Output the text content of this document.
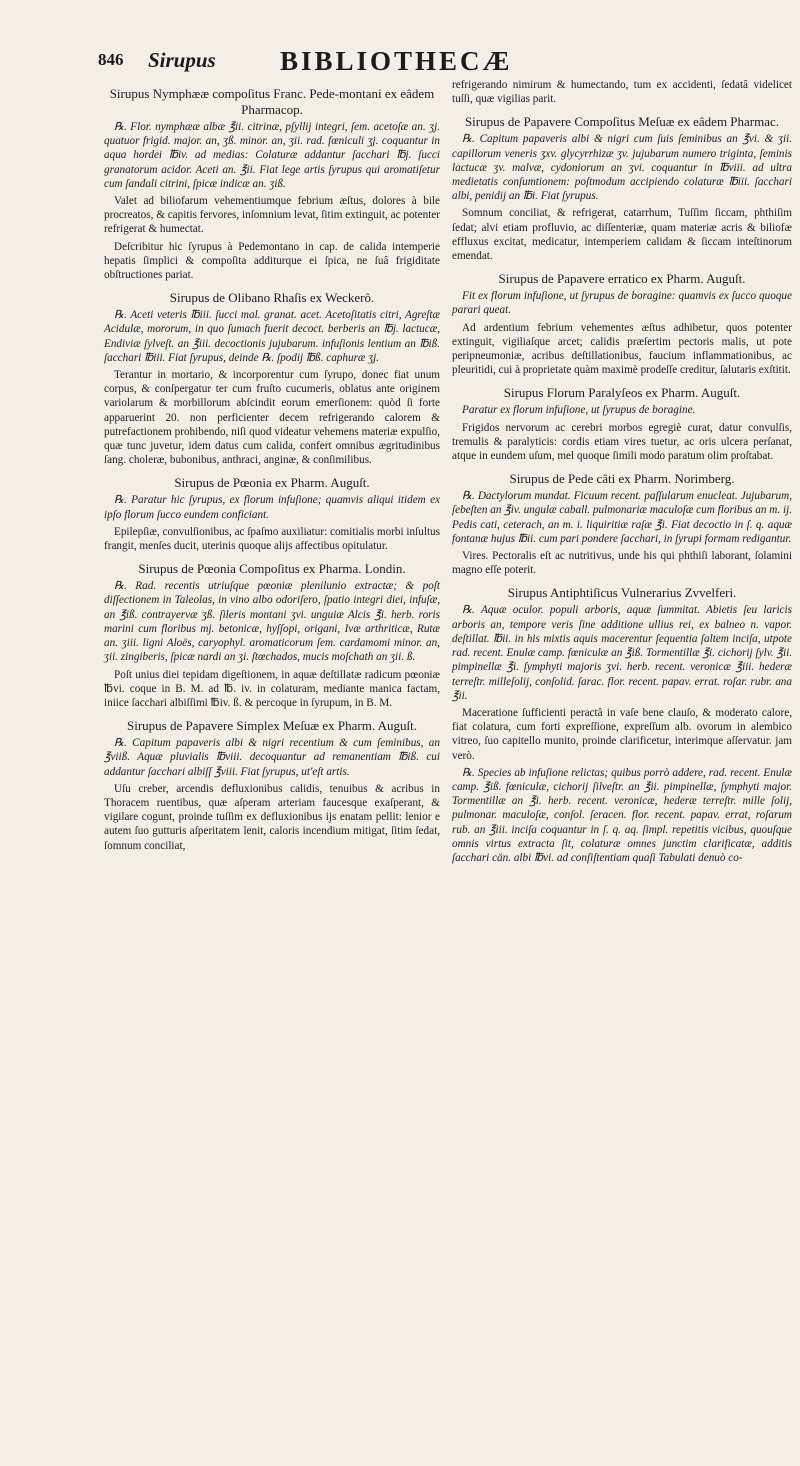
846 Sirupus BIBLIOTHECÆ

Sirupus Nymphææ compoſitus Franc. Pede-montani ex eâdem Pharmacop.

℞. Flor. nymphææ albæ ℥ii. citrinæ, pſyllij integri, ſem. acetoſæ an. ʒj. quatuor frigid. major. an, ʒß. minor. an, ʒii. rad. fœniculi ʒj. coquantur in aqua hordei ℔iv. ad medias: Colaturæ addantur ſacchari ℔j. ſucci granatorum acidor. Aceti an. ℥ii. Fiat lege artis ſyrupus qui aromatiſetur cum ſandali citrini, ſpicæ indicæ an. ʒiß.

Valet ad biliofarum vehementiumque febrium æſtus, dolores à bile procreatos, & capitis fervores, inſomnium levat, ſitim extinguit, ac potenter refrigerat & humectat.

Deſcribitur hic ſyrupus à Pedemontano in cap. de calida intemperie hepatis ſimplici & compoſita additurque ei ſpica, ne ſuâ frigiditate obſtructiones pariat.

Sirupus de Olibano Rhaſis ex Weckerô.

℞. Aceti veteris ℔iii. ſucci mal. granat. acet. Acetoſitatis citri, Agreſtæ Acidulæ, mororum, in quo ſumach fuerit decoct. berberis an ℔j. lactucæ, Endiviæ ſylveſt. an ℥iii. decoctionis jujubarum. infuſionis lentium an ℔iß. ſacchari ℔iii. Fiat ſyrupus, deinde ℞. ſpodij ℔ß. caphuræ ʒj.

Terantur in mortario, & incorporentur cum ſyrupo, donec fiat unum corpus, & conſpergatur ter cum fruſto cucumeris, oblatus ante originem variolarum & morbillorum abſcindit eorum emerſionem: quòd ſi forte apparuerint 20. non perficienter decem refrigerando calorem & putrefactionem prohibendo, niſi quod videatur vehemens materiæ expulſio, quæ tunc juvetur, idem datus cum calida, confert omnibus ægritudinibus ſang. choleræ, bubonibus, anthraci, anginæ, & conſimilibus.

Sirupus de Pœonia ex Pharm. Auguſt.

℞. Paratur hic ſyrupus, ex florum infuſione; quamvis aliqui itidem ex ipſo florum ſucco eundem conficiant.

Epilepſiæ, convulſionibus, ac ſpaſmo auxiliatur: comitialis morbi inſultus frangit, menſes ducit, uterinis quoque alijs affectibus opitulatur.

Sirupus de Pœonia Compoſitus ex Pharma. Londin.

℞. Rad. recentis utriuſque pœoniæ plenilunio extractæ; & poſt diſſectionem in Taleolas, in vino albo odoriſero, ſpatio integri diei, infuſæ, an ℥iß. contrayervæ ʒß. ſileris montani ʒvi. unguiæ Alcis ℥i. herb. roris marini cum floribus mj. betonicæ, hyſſopi, origani, Ivæ arthriticæ, Rutæ an. ʒiii. ligni Aloës, caryophyl. aromaticorum ſem. cardamomi minor. an, ʒii. zingiberis, ſpicæ nardi an ʒi. ſtœchados, mucis moſchath an ʒii. ß.

Poſt unius diei tepidam digeſtionem, in aquæ deſtillatæ radicum pœoniæ ℔vi. coque in B. M. ad ℔. iv. in colaturam, mediante manica factam, iniice ſacchari albiſſimi ℔iv. ß. & percoque in ſyrupum, in B. M.

Sirupus de Papavere Simplex Meſuæ ex Pharm. Auguſt.

℞. Capitum papaveris albi & nigri recentium & cum ſeminibus, an ℥viiß. Aquæ pluvialis ℔viii. decoquantur ad remanentiam ℔iß. cui addantur ſacchari albiſſ ℥viii. Fiat ſyrupus, ut'eſt artis.

Uſu creber, arcendis defluxionibus calidis, tenuibus & acribus in Thoracem ruentibus, quæ aſperam arteriam faucesque exaſperant, & vigilare cogunt, proinde tuſſim ex defluxionibus ijs enatam pellit: lenior e autem ſuo gutturis aſperitatem lenit, caloris incendium mitigat, ſitim ſedat, ſomnum conciliat,

refrigerando nimirum & humectando, tum ex accidenti, ſedatâ videlicet tuſſi, quæ vigilias parit.

Sirupus de Papavere Compoſitus Meſuæ ex eâdem Pharmac.

℞. Capitum papaveris albi & nigri cum ſuis ſeminibus an ℥vi. & ʒii. capillorum veneris ʒxv. glycyrrhizæ ʒv. jujubarum numero triginta, ſeminis lactucæ ʒv. malvæ, cydoniorum an ʒvi. coquantur in ℔viii. ad ultra medietatis conſumtionem: poſtmodum accipiendo colaturæ ℔iii. ſacchari albi, penidij an ℔i. Fiat ſyrupus.

Somnum conciliat, & refrigerat, catarrhum, Tuſſim ſiccam, phthiſim ſedat; alvi etiam profluvio, ac diſſenteriæ, quam materiæ acris & biliofæ effluxus excitat, medicatur, intemperiem calidam & ſiccam inteſtinorum emendat.

Sirupus de Papavere erratico ex Pharm. Auguſt.

Fit ex florum infuſione, ut ſyrupus de boragine: quamvis ex ſucco quoque parari queat.

Ad ardentium febrium vehementes æſtus adhibetur, quos potenter extinguit, vigiliaſque arcet; calidis præſertim pectoris malis, ut pote peripneumoniæ, acribus deſtillationibus, faucium inflammationibus, ac pleuritidi, cui à proprietate quàm maximè prodeſſe creditur, ſalutaris exſtitit.

Sirupus Florum Paralyſeos ex Pharm. Auguſt.

Paratur ex florum infuſione, ut ſyrupus de boragine.

Frigidos nervorum ac cerebri morbos egregiè curat, datur convulſis, tremulis & paralyticis: cordis etiam vires tuetur, ac oris ulcera perſanat, atque in eundem uſum, mel quoque ſimili modo paratum olim proſtabat.

Sirupus de Pede câti ex Pharm. Norimberg.

℞. Dactylorum mundat. Ficuum recent. paſſularum enucleat. Jujubarum, ſebeſten an ℥iv. ungulæ caball. pulmonariæ maculoſæ cum floribus an m. ij. Pedis cati, ceterach, an m. i. liquiritiæ raſæ ℥i. Fiat decoctio in ſ. q. aquæ fontanæ hujus ℔ii. cum pari pondere ſacchari, in ſyrupi formam redigantur.

Vires. Pectoralis eſt ac nutritivus, unde his qui phthiſi laborant, ſolamini magno eſſe poterit.

Sirupus Antiphtiſicus Vulnerarius Zvvelferi.

℞. Aquæ oculor. populi arboris, aquæ ſummitat. Abietis ſeu laricis arboris an, tempore veris ſine additione ullius rei, ex balneo n. vapor. deſtillat. ℔ii. in his mixtis aquis macerentur ſequentia ſaltem inciſa, utpote rad. recent. Enulæ camp. fœniculæ an ℥iß. Tormentillæ ℥i. cichorij ſylv. ℥ii. pimpinellæ ℥i. ſymphyti majoris ʒvi. herb. recent. veronicæ ℥iii. hederæ terreſtr. milleſolij, conſolid. ſarac. flor. recent. papav. errat. roſar. rubr. ana ℥ii.

Maceratione ſufficienti peractâ in vaſe bene clauſo, & moderato calore, fiat colatura, cum forti expreſſione, expreſſum alb. ovorum in alembico vitreo, ſuo capitello munito, proinde clarificetur, interimque aſſervatur. jam verò.

℞. Species ab infuſione relictas; quibus porrò addere, rad. recent. Enulæ camp. ℥iß. fœniculæ, cichorij ſilveſtr. an ℥ii. pimpinellæ, ſymphyti major. Tormentillæ an ℥i. herb. recent. veronicæ, hederæ terreſtr. mille ſolij, pulmonar. maculoſæ, conſol. ſeracen. flor. recent. papav. errat, roſarum rub. an ℥iii. inciſa coquantur in ſ. q. aq. ſimpl. repetitis vicibus, quouſque omnis virtus extracta ſit, colaturæ omnes junctim clarificatæ, additis ſacchari cän. albi ℔vi. ad conſiſtentiam quaſi Tabulati denuò co-
